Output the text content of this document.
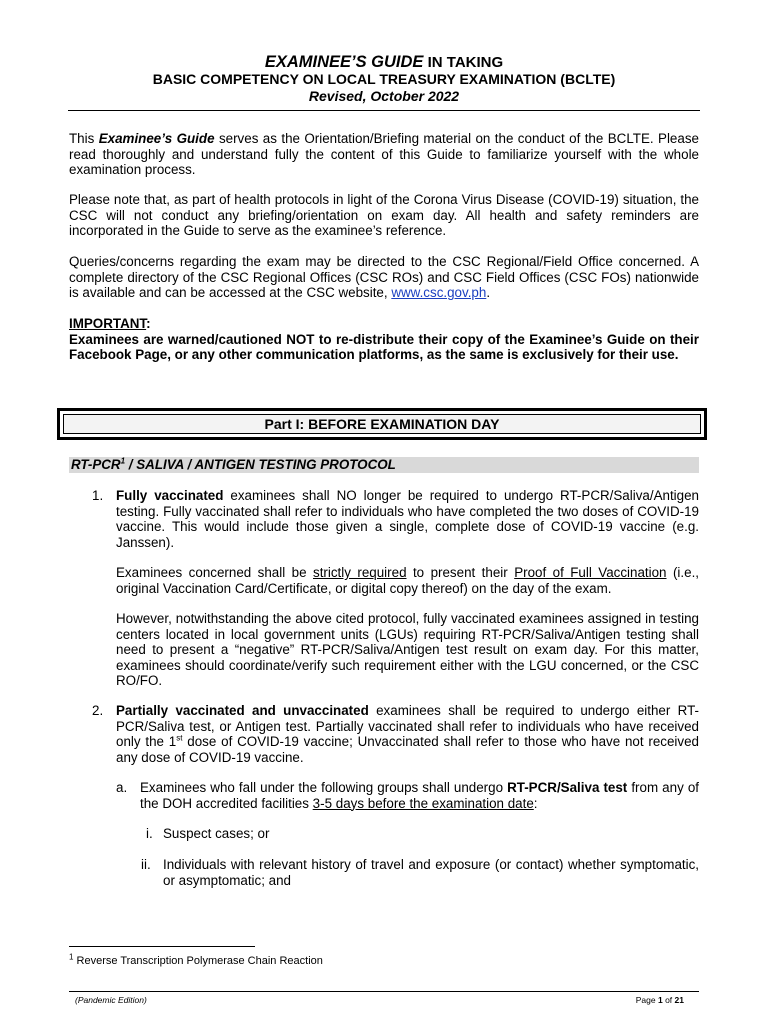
EXAMINEE’S GUIDE IN TAKING
BASIC COMPETENCY ON LOCAL TREASURY EXAMINATION (BCLTE)
Revised, October 2022

This Examinee’s Guide serves as the Orientation/Briefing material on the conduct of the BCLTE. Please read thoroughly and understand fully the content of this Guide to familiarize yourself with the whole examination process.

Please note that, as part of health protocols in light of the Corona Virus Disease (COVID-19) situation, the CSC will not conduct any briefing/orientation on exam day. All health and safety reminders are incorporated in the Guide to serve as the examinee’s reference.

Queries/concerns regarding the exam may be directed to the CSC Regional/Field Office concerned. A complete directory of the CSC Regional Offices (CSC ROs) and CSC Field Offices (CSC FOs) nationwide is available and can be accessed at the CSC website, www.csc.gov.ph.

IMPORTANT:

Examinees are warned/cautioned NOT to re-distribute their copy of the Examinee’s Guide on their Facebook Page, or any other communication platforms, as the same is exclusively for their use.

Part I: BEFORE EXAMINATION DAY
RT-PCR$^1$ / SALIVA / ANTIGEN TESTING PROTOCOL
1. Fully vaccinated examinees shall NO longer be required to undergo RT-PCR/Saliva/Antigen testing. Fully vaccinated shall refer to individuals who have completed the two doses of COVID-19 vaccine. This would include those given a single, complete dose of COVID-19 vaccine (e.g. Janssen).
Examinees concerned shall be strictly required to present their Proof of Full Vaccination (i.e., original Vaccination Card/Certificate, or digital copy thereof) on the day of the exam.
However, notwithstanding the above cited protocol, fully vaccinated examinees assigned in testing centers located in local government units (LGUs) requiring RT-PCR/Saliva/Antigen testing shall need to present a “negative” RT-PCR/Saliva/Antigen test result on exam day. For this matter, examinees should coordinate/verify such requirement either with the LGU concerned, or the CSC RO/FO.
2. Partially vaccinated and unvaccinated examinees shall be required to undergo either RT-PCR/Saliva test, or Antigen test. Partially vaccinated shall refer to individuals who have received only the 1st dose of COVID-19 vaccine; Unvaccinated shall refer to those who have not received any dose of COVID-19 vaccine.
a. Examinees who fall under the following groups shall undergo RT-PCR/Saliva test from any of the DOH accredited facilities 3-5 days before the examination date:
i. Suspect cases; or
ii. Individuals with relevant history of travel and exposure (or contact) whether symptomatic, or asymptomatic; and
$^1$ Reverse Transcription Polymerase Chain Reaction
(Pandemic Edition)	Page 1 of 21
